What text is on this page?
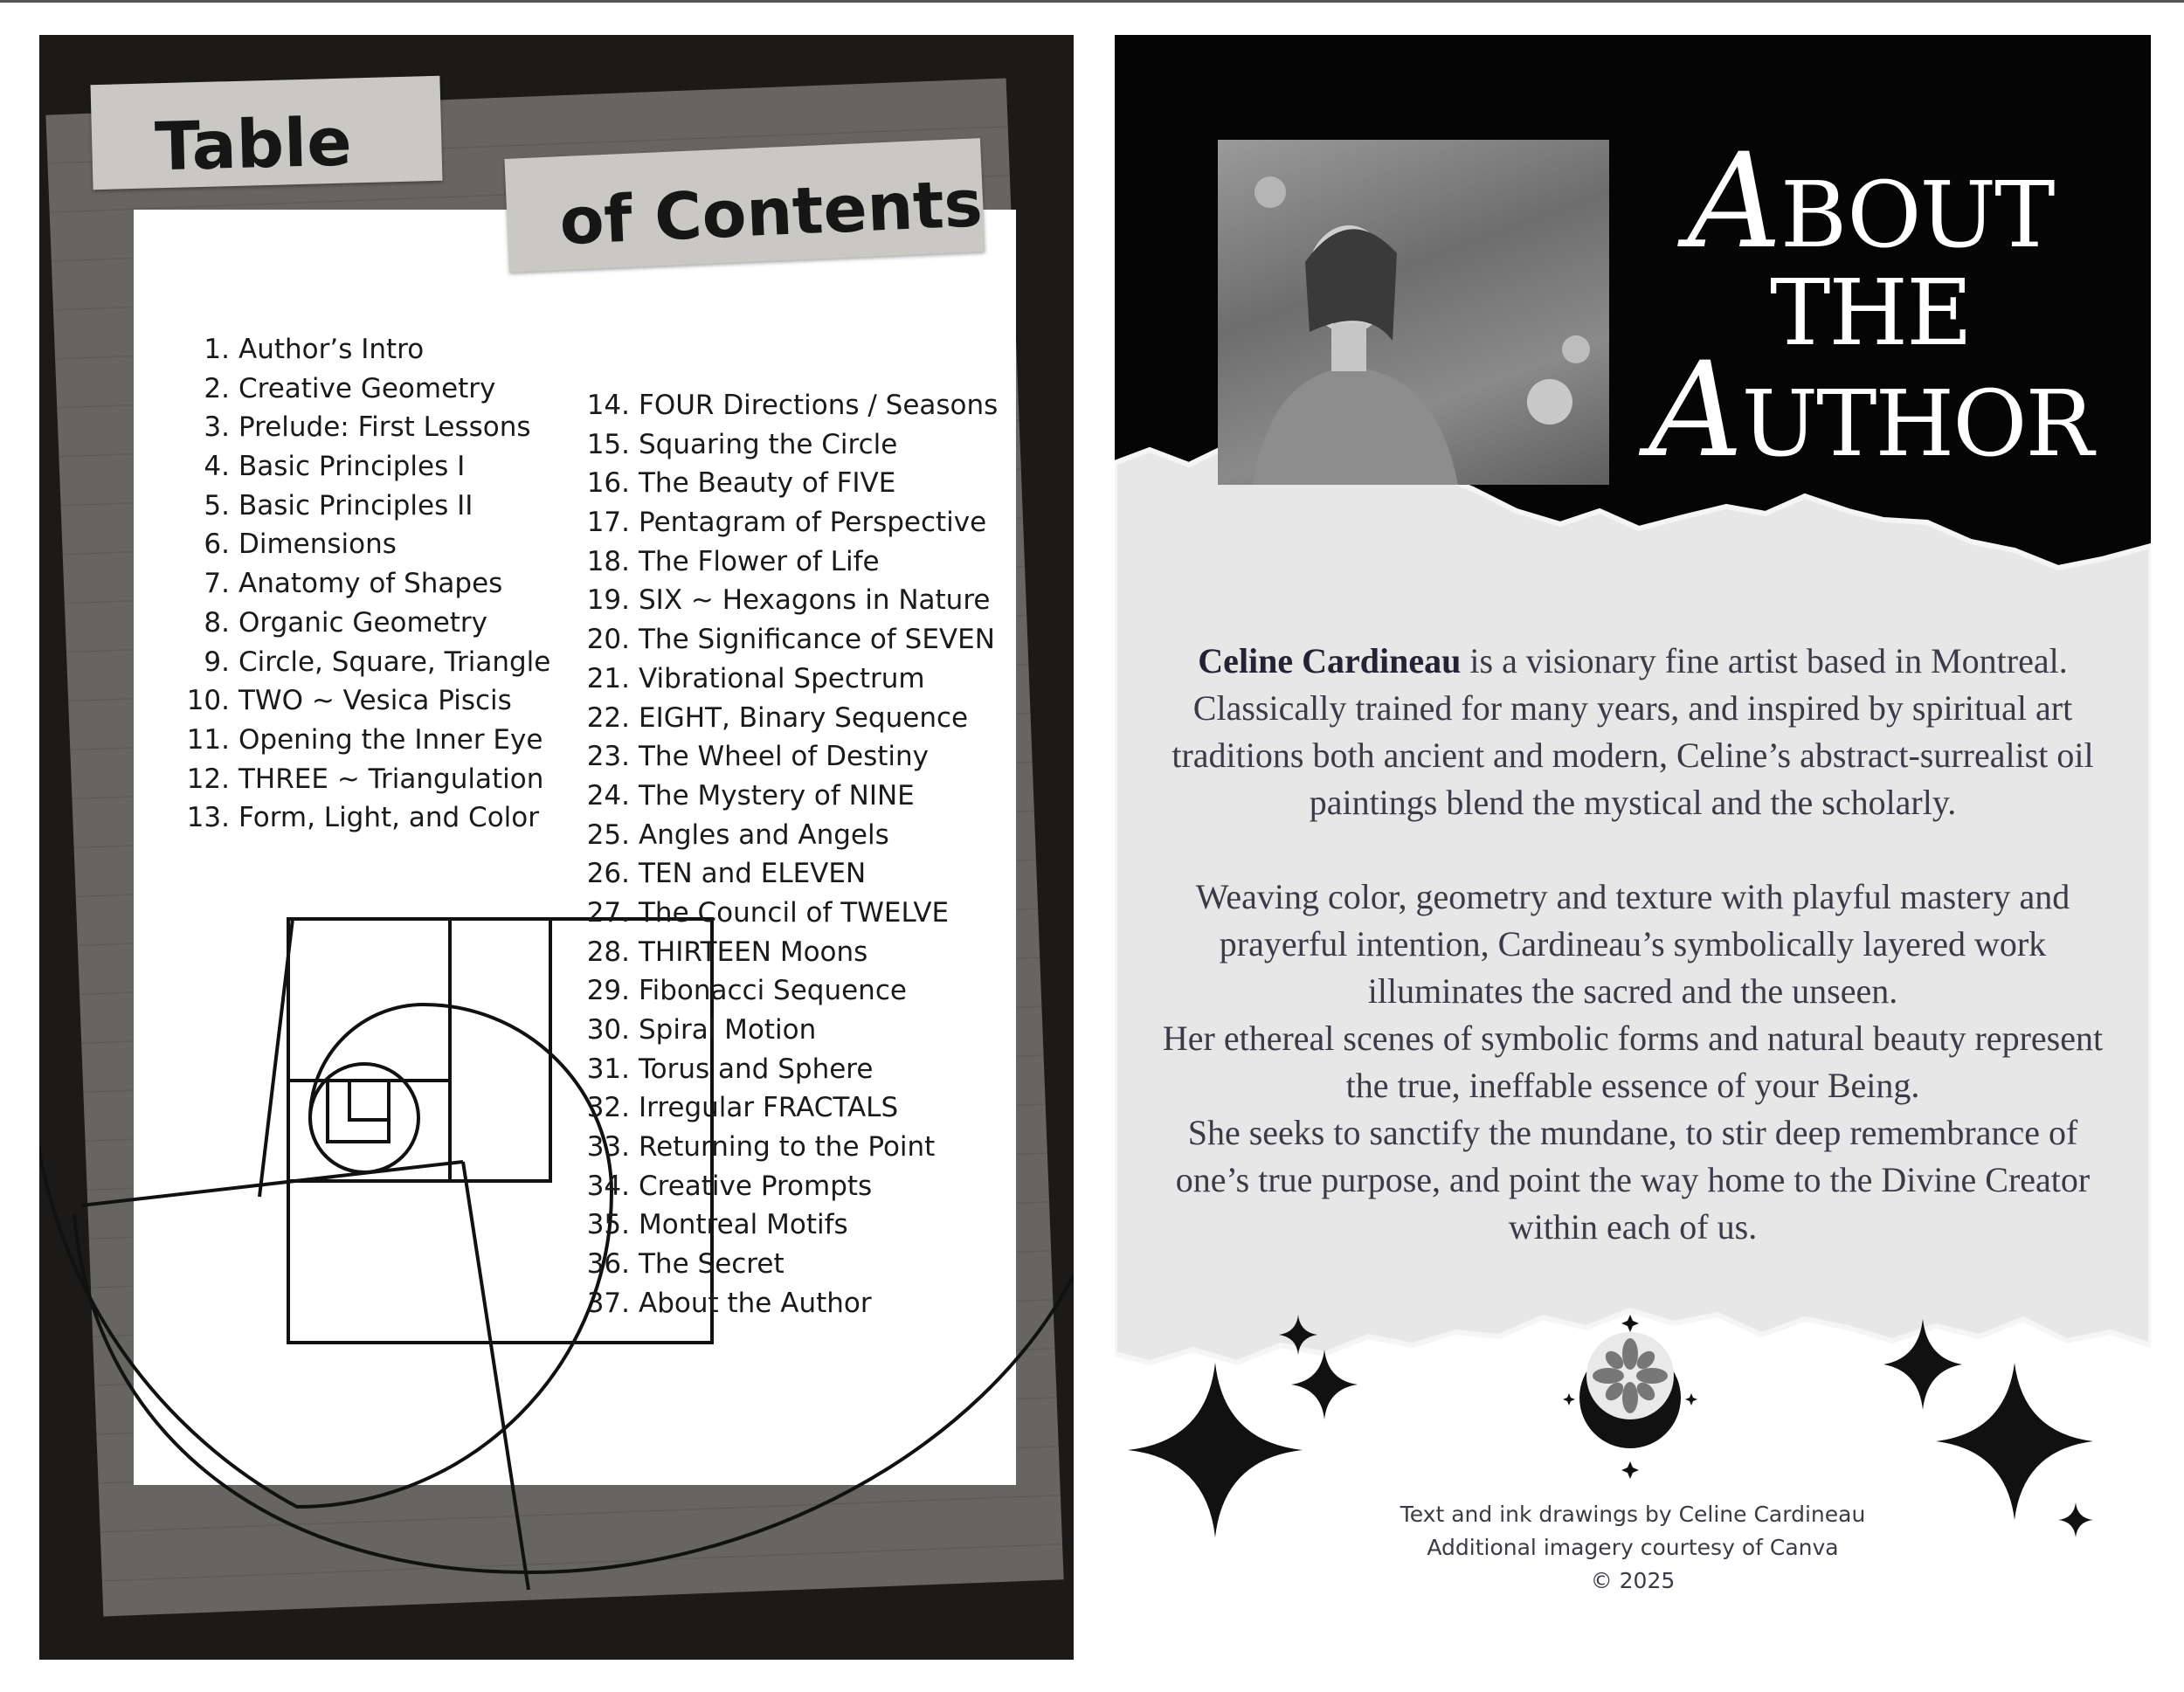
Table
of Contents
1. Author’s Intro
2. Creative Geometry
3. Prelude: First Lessons
4. Basic Principles I
5. Basic Principles II
6. Dimensions
7. Anatomy of Shapes
8. Organic Geometry
9. Circle, Square, Triangle
10. TWO ~ Vesica Piscis
11. Opening the Inner Eye
12. THREE ~ Triangulation
13. Form, Light, and Color
14. FOUR Directions / Seasons
15. Squaring the Circle
16. The Beauty of FIVE
17. Pentagram of Perspective
18. The Flower of Life
19. SIX ~ Hexagons in Nature
20. The Significance of SEVEN
21. Vibrational Spectrum
22. EIGHT, Binary Sequence
23. The Wheel of Destiny
24. The Mystery of NINE
25. Angles and Angels
26. TEN and ELEVEN
27. The Council of TWELVE
28. THIRTEEN Moons
29. Fibonacci Sequence
30. Spiral Motion
31. Torus and Sphere
32. Irregular FRACTALS
33. Returning to the Point
34. Creative Prompts
35. Montreal Motifs
36. The Secret
37. About the Author
ABOUT THE
AUTHOR

Celine Cardineau is a visionary fine artist based in Montreal. Classically trained for many years, and inspired by spiritual art traditions both ancient and modern, Celine’s abstract-surrealist oil paintings blend the mystical and the scholarly.

Weaving color, geometry and texture with playful mastery and prayerful intention, Cardineau’s symbolically layered work illuminates the sacred and the unseen.

Her ethereal scenes of symbolic forms and natural beauty represent the true, ineffable essence of your Being.

She seeks to sanctify the mundane, to stir deep remembrance of one’s true purpose, and point the way home to the Divine Creator within each of us.

Text and ink drawings by Celine Cardineau
Additional imagery courtesy of Canva
© 2025
